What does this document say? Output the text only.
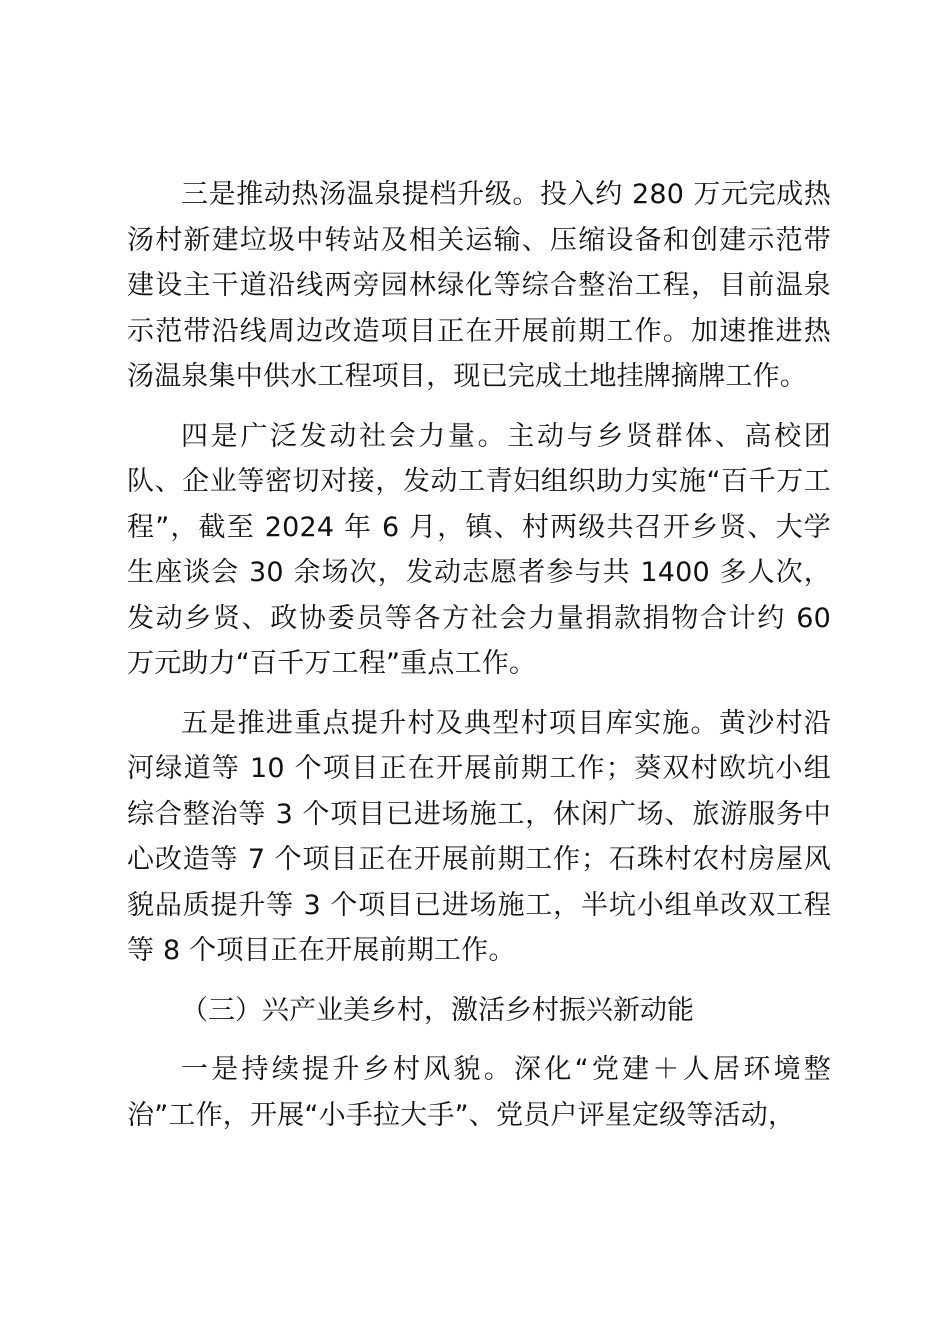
三是推动热汤温泉提档升级。投入约 280 万元完成热汤村新建垃圾中转站及相关运输、压缩设备和创建示范带建设主干道沿线两旁园林绿化等综合整治工程，目前温泉示范带沿线周边改造项目正在开展前期工作。加速推进热汤温泉集中供水工程项目，现已完成土地挂牌摘牌工作。

四是广泛发动社会力量。主动与乡贤群体、高校团队、企业等密切对接，发动工青妇组织助力实施“百千万工程”，截至 2024 年 6 月，镇、村两级共召开乡贤、大学生座谈会 30 余场次，发动志愿者参与共 1400 多人次，发动乡贤、政协委员等各方社会力量捐款捐物合计约 60 万元助力“百千万工程”重点工作。

五是推进重点提升村及典型村项目库实施。黄沙村沿河绿道等 10 个项目正在开展前期工作；葵双村欧坑小组综合整治等 3 个项目已进场施工，休闲广场、旅游服务中心改造等 7 个项目正在开展前期工作；石珠村农村房屋风貌品质提升等 3 个项目已进场施工，半坑小组单改双工程等 8 个项目正在开展前期工作。

（三）兴产业美乡村，激活乡村振兴新动能

一是持续提升乡村风貌。深化“党建＋人居环境整治”工作，开展“小手拉大手”、党员户评星定级等活动，
